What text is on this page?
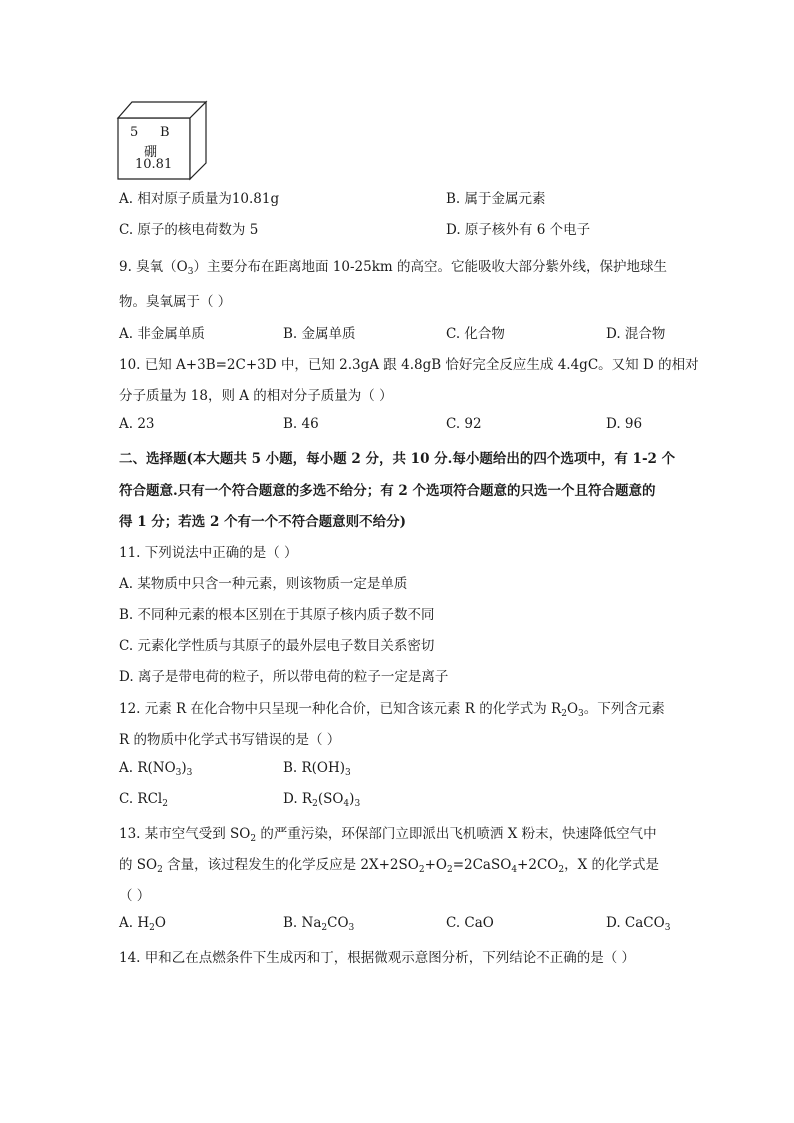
5 B
硼
10.81
A. 相对原子质量为10.81g	B. 属于金属元素
C. 原子的核电荷数为 5	D. 原子核外有 6 个电子
9. 臭氧$(O_3)$主要分布在距离地面 10-25km 的高空。它能吸收大部分紫外线，保护地球生
物。臭氧属于（ ）
A. 非金属单质	B. 金属单质	C. 化合物	D. 混合物
10. 已知 A+3B=2C+3D 中，已知 2.3gA 跟 4.8gB 恰好完全反应生成 4.4gC。又知 D 的相对
分子质量为 18，则 A 的相对分子质量为（ ）
A. 23	B. 46	C. 92	D. 96
二、选择题(本大题共 5 小题，每小题 2 分，共 10 分.每小题给出的四个选项中，有 1-2 个
符合题意.只有一个符合题意的多选不给分；有 2 个选项符合题意的只选一个且符合题意的
得 1 分；若选 2 个有一个不符合题意则不给分)
11. 下列说法中正确的是（ ）
A. 某物质中只含一种元素，则该物质一定是单质
B. 不同种元素的根本区别在于其原子核内质子数不同
C. 元素化学性质与其原子的最外层电子数目关系密切
D. 离子是带电荷的粒子，所以带电荷的粒子一定是离子
12. 元素 R 在化合物中只呈现一种化合价，已知含该元素 R 的化学式为 $R_2O_3$。下列含元素
R 的物质中化学式书写错误的是（ ）
A. $R(NO_3)_3$	B. $R(OH)_3$
C. RCl$_2$	D. $R_2(SO_4)_3$
13. 某市空气受到 $SO_2$ 的严重污染，环保部门立即派出飞机喷洒 X 粉末，快速降低空气中
的 $SO_2$ 含量，该过程发生的化学反应是 $2X+2SO_2+O_2=2CaSO_4+2CO_2$，X 的化学式是
（ ）
A. $H_2O$	B. $Na_2CO_3$	C. CaO	D. CaCO$_3$
14. 甲和乙在点燃条件下生成丙和丁，根据微观示意图分析，下列结论不正确的是（ ）
